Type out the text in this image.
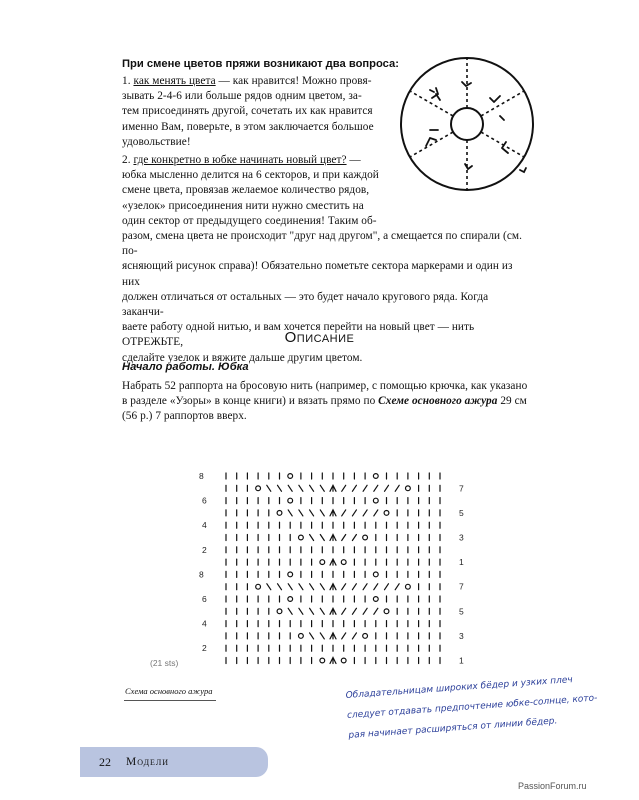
При смене цветов пряжи возникают два вопроса:
1. как менять цвета — как нравится! Можно провя-
зывать 2-4-6 или больше рядов одним цветом, за-
тем присоединять другой, сочетать их как нравится
именно Вам, поверьте, в этом заключается большое
удовольствие!
2. где конкретно в юбке начинать новый цвет? —
юбка мысленно делится на 6 секторов, и при каждой
смене цвета, провязав желаемое количество рядов,
«узелок» присоединения нити нужно сместить на
один сектор от предыдущего соединения! Таким об-
разом, смена цвета не происходит "друг над другом", а смещается по спирали (см. по-
ясняющий рисунок справа)! Обязательно пометьте сектора маркерами и один из них
должен отличаться от остальных — это будет начало кругового ряда. Когда заканчи-
ваете работу одной нитью, и вам хочется перейти на новый цвет — нить ОТРЕЖЬТЕ,
сделайте узелок и вяжите дальше другим цветом.
Описание
Начало работы. Юбка
Набрать 52 раппорта на бросовую нить (например, с помощью крючка, как указано
в разделе «Узоры» в конце книги) и вязать прямо по Схеме основного ажура 29 см
(56 р.) 7 раппортов вверх.
8
6
4
2
8
6
4
2
7
5
3
1
7
5
3
1
(21 sts)
Схема основного ажура	Обладательницам широких бёдер и узких плеч
следует отдавать предпочтение юбке-солнце, кото-
рая начинает расширяться от линии бёдер.
22 Модели
PassionForum.ru
